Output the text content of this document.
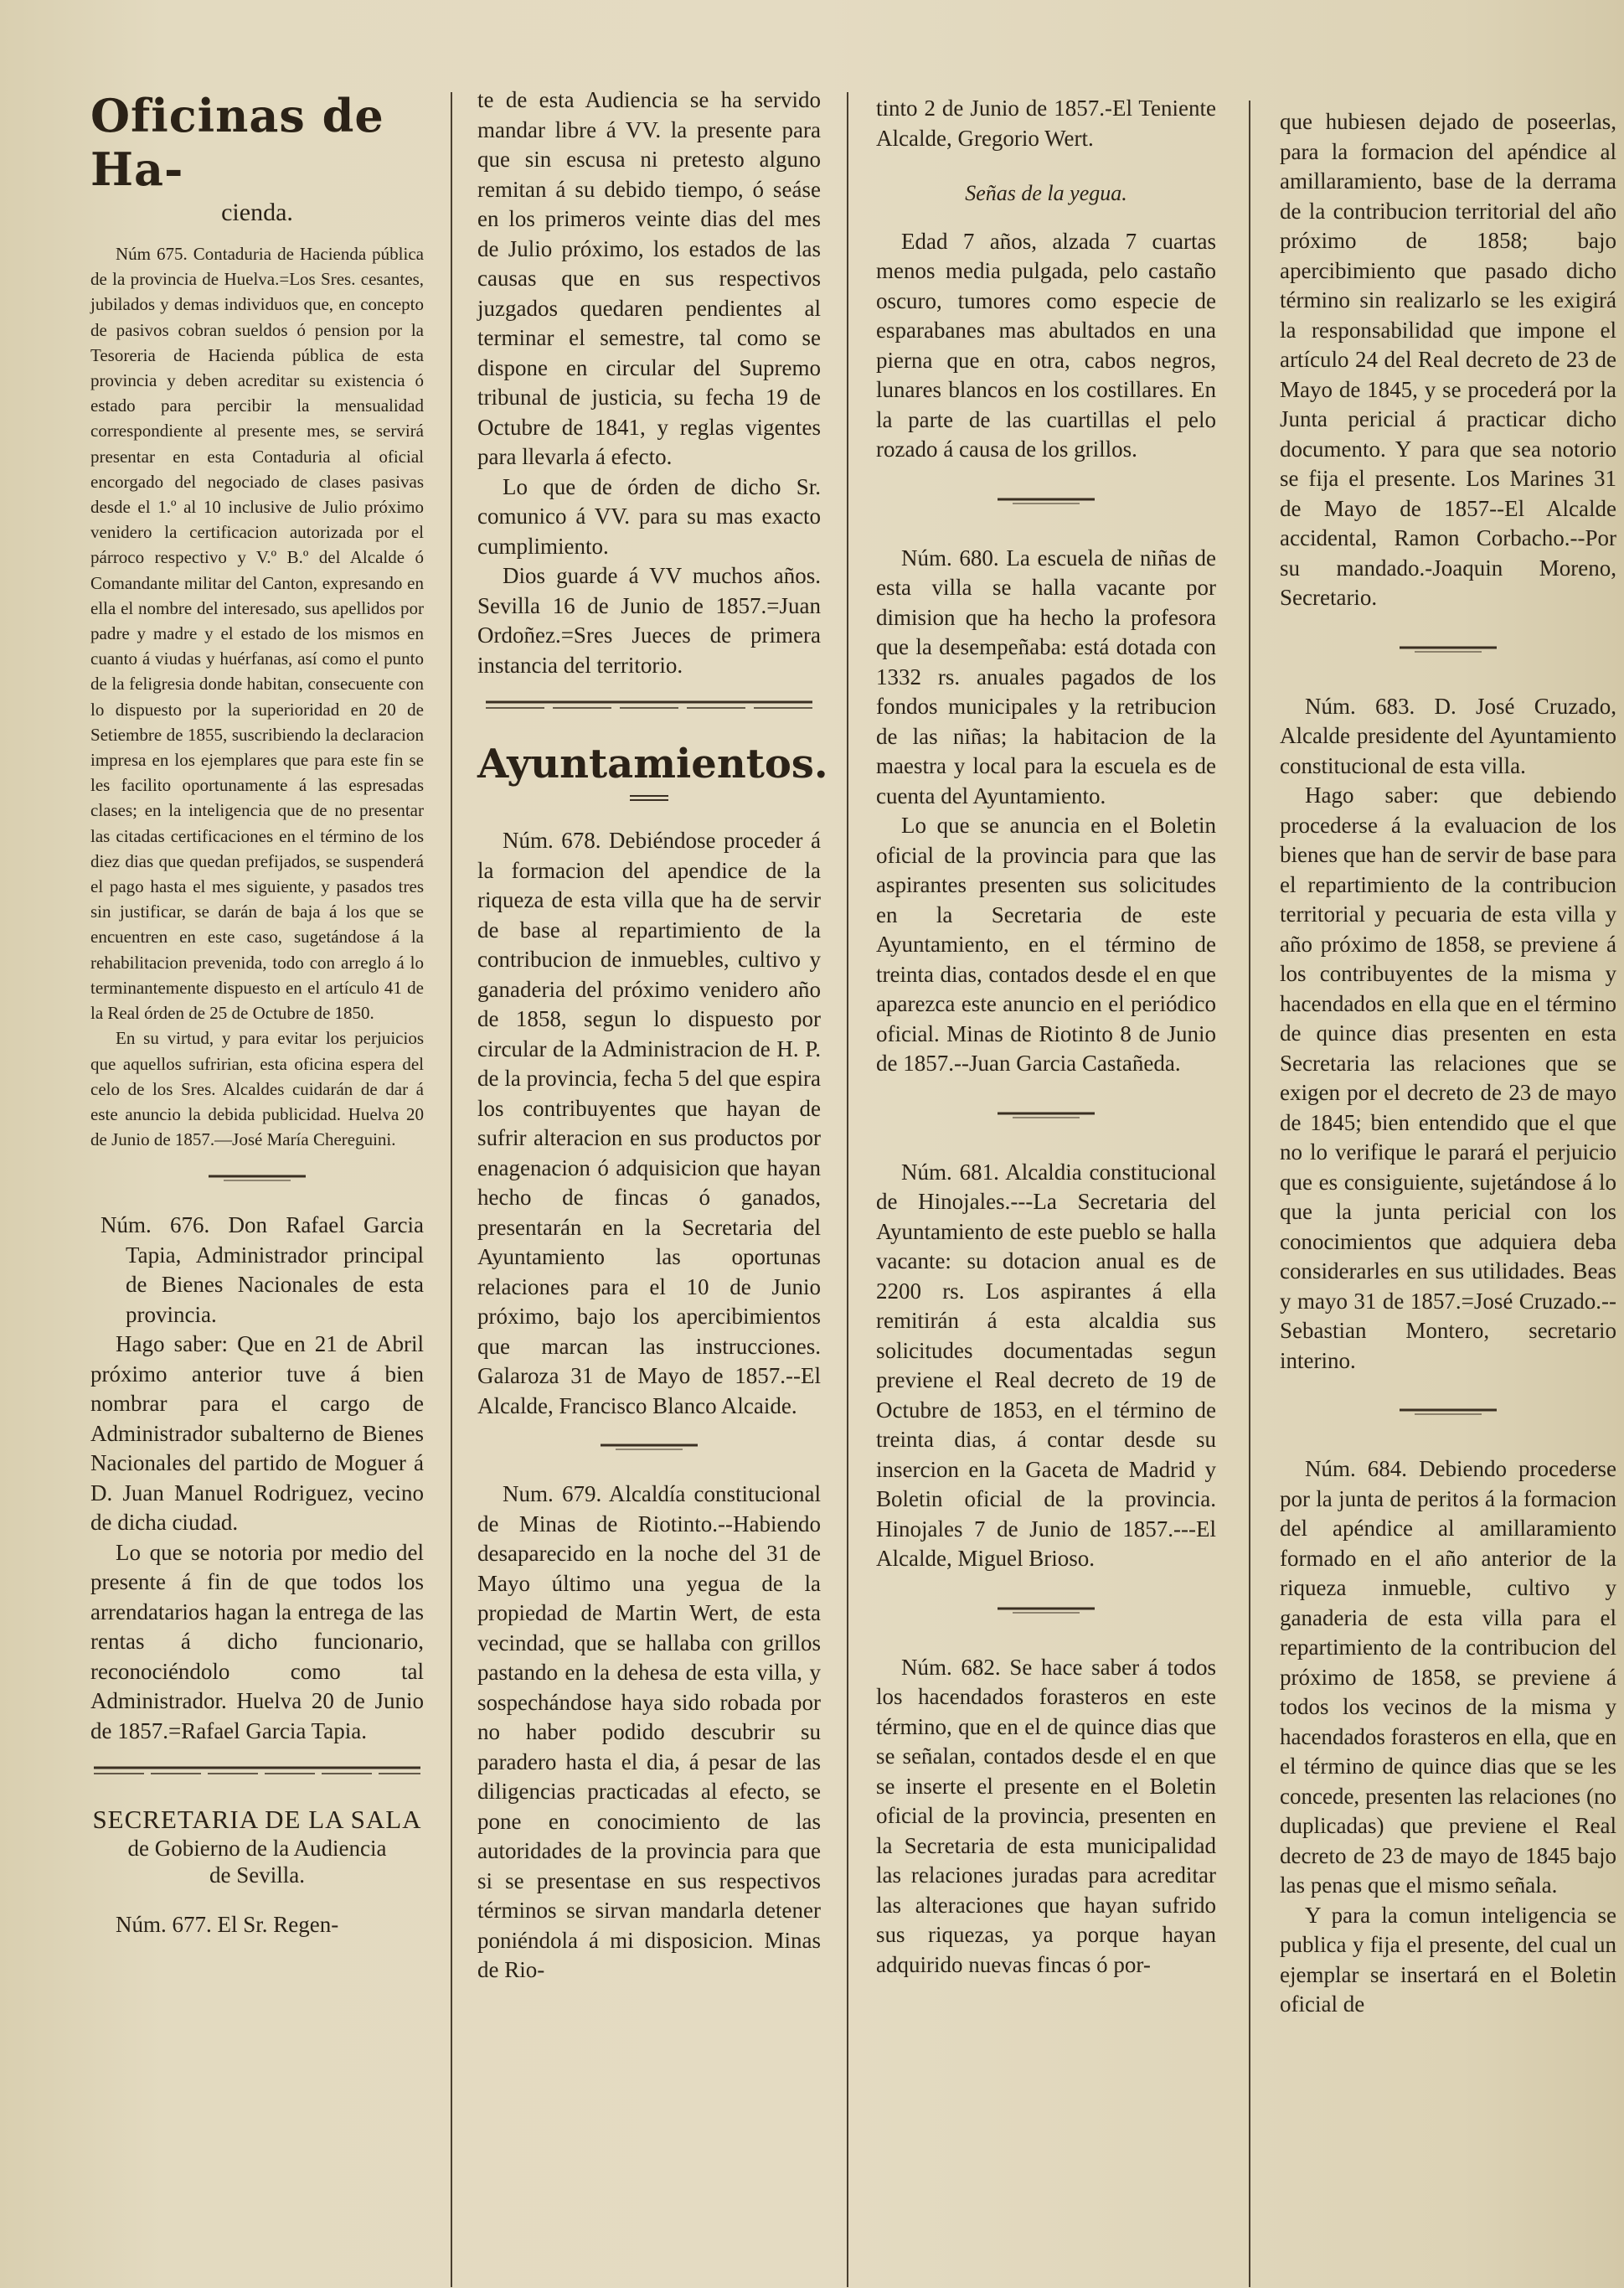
Oficinas de Ha-

cienda.

Núm 675. Contaduria de Hacienda pública de la provincia de Huelva.=Los Sres. cesantes, jubilados y demas individuos que, en concepto de pasivos cobran sueldos ó pension por la Tesoreria de Hacienda pública de esta provincia y deben acreditar su existencia ó estado para percibir la mensualidad correspondiente al presente mes, se servirá presentar en esta Contaduria al oficial encorgado del negociado de clases pasivas desde el 1.º al 10 inclusive de Julio próximo venidero la certificacion autorizada por el párroco respectivo y V.º B.º del Alcalde ó Comandante militar del Canton, expresando en ella el nombre del interesado, sus apellidos por padre y madre y el estado de los mismos en cuanto á viudas y huérfanas, así como el punto de la feligresia donde habitan, consecuente con lo dispuesto por la superioridad en 20 de Setiembre de 1855, suscribiendo la declaracion impresa en los ejemplares que para este fin se les facilito oportunamente á las espresadas clases; en la inteligencia que de no presentar las citadas certificaciones en el término de los diez dias que quedan prefijados, se suspenderá el pago hasta el mes siguiente, y pasados tres sin justificar, se darán de baja á los que se encuentren en este caso, sugetándose á la rehabilitacion prevenida, todo con arreglo á lo terminantemente dispuesto en el artículo 41 de la Real órden de 25 de Octubre de 1850.

En su virtud, y para evitar los perjuicios que aquellos sufririan, esta oficina espera del celo de los Sres. Alcaldes cuidarán de dar á este anuncio la debida publicidad. Huelva 20 de Junio de 1857.—José María Chereguini.

Núm. 676. Don Rafael Garcia Tapia, Administrador principal de Bienes Nacionales de esta provincia.

Hago saber: Que en 21 de Abril próximo anterior tuve á bien nombrar para el cargo de Administrador subalterno de Bienes Nacionales del partido de Moguer á D. Juan Manuel Rodriguez, vecino de dicha ciudad.

Lo que se notoria por medio del presente á fin de que todos los arrendatarios hagan la entrega de las rentas á dicho funcionario, reconociéndolo como tal Administrador. Huelva 20 de Junio de 1857.=Rafael Garcia Tapia.

SECRETARIA DE LA SALA

de Gobierno de la Audiencia de Sevilla.

Núm. 677. El Sr. Regen-

te de esta Audiencia se ha servido mandar libre á VV. la presente para que sin escusa ni pretesto alguno remitan á su debido tiempo, ó seáse en los primeros veinte dias del mes de Julio próximo, los estados de las causas que en sus respectivos juzgados quedaren pendientes al terminar el semestre, tal como se dispone en circular del Supremo tribunal de justicia, su fecha 19 de Octubre de 1841, y reglas vigentes para llevarla á efecto.

Lo que de órden de dicho Sr. comunico á VV. para su mas exacto cumplimiento.

Dios guarde á VV muchos años. Sevilla 16 de Junio de 1857.=Juan Ordoñez.=Sres Jueces de primera instancia del territorio.

Ayuntamientos.

Núm. 678. Debiéndose proceder á la formacion del apendice de la riqueza de esta villa que ha de servir de base al repartimiento de la contribucion de inmuebles, cultivo y ganaderia del próximo venidero año de 1858, segun lo dispuesto por circular de la Administracion de H. P. de la provincia, fecha 5 del que espira los contribuyentes que hayan de sufrir alteracion en sus productos por enagenacion ó adquisicion que hayan hecho de fincas ó ganados, presentarán en la Secretaria del Ayuntamiento las oportunas relaciones para el 10 de Junio próximo, bajo los apercibimientos que marcan las instrucciones. Galaroza 31 de Mayo de 1857.--El Alcalde, Francisco Blanco Alcaide.

Num. 679. Alcaldía constitucional de Minas de Riotinto.--Habiendo desaparecido en la noche del 31 de Mayo último una yegua de la propiedad de Martin Wert, de esta vecindad, que se hallaba con grillos pastando en la dehesa de esta villa, y sospechándose haya sido robada por no haber podido descubrir su paradero hasta el dia, á pesar de las diligencias practicadas al efecto, se pone en conocimiento de las autoridades de la provincia para que si se presentase en sus respectivos términos se sirvan mandarla detener poniéndola á mi disposicion. Minas de Rio-

tinto 2 de Junio de 1857.-El Teniente Alcalde, Gregorio Wert.

Señas de la yegua.

Edad 7 años, alzada 7 cuartas menos media pulgada, pelo castaño oscuro, tumores como especie de esparabanes mas abultados en una pierna que en otra, cabos negros, lunares blancos en los costillares. En la parte de las cuartillas el pelo rozado á causa de los grillos.

Núm. 680. La escuela de niñas de esta villa se halla vacante por dimision que ha hecho la profesora que la desempeñaba: está dotada con 1332 rs. anuales pagados de los fondos municipales y la retribucion de las niñas; la habitacion de la maestra y local para la escuela es de cuenta del Ayuntamiento.

Lo que se anuncia en el Boletin oficial de la provincia para que las aspirantes presenten sus solicitudes en la Secretaria de este Ayuntamiento, en el término de treinta dias, contados desde el en que aparezca este anuncio en el periódico oficial. Minas de Riotinto 8 de Junio de 1857.--Juan Garcia Castañeda.

Núm. 681. Alcaldia constitucional de Hinojales.---La Secretaria del Ayuntamiento de este pueblo se halla vacante: su dotacion anual es de 2200 rs. Los aspirantes á ella remitirán á esta alcaldia sus solicitudes documentadas segun previene el Real decreto de 19 de Octubre de 1853, en el término de treinta dias, á contar desde su insercion en la Gaceta de Madrid y Boletin oficial de la provincia. Hinojales 7 de Junio de 1857.---El Alcalde, Miguel Brioso.

Núm. 682. Se hace saber á todos los hacendados forasteros en este término, que en el de quince dias que se señalan, contados desde el en que se inserte el presente en el Boletin oficial de la provincia, presenten en la Secretaria de esta municipalidad las relaciones juradas para acreditar las alteraciones que hayan sufrido sus riquezas, ya porque hayan adquirido nuevas fincas ó por-

que hubiesen dejado de poseerlas, para la formacion del apéndice al amillaramiento, base de la derrama de la contribucion territorial del año próximo de 1858; bajo apercibimiento que pasado dicho término sin realizarlo se les exigirá la responsabilidad que impone el artículo 24 del Real decreto de 23 de Mayo de 1845, y se procederá por la Junta pericial á practicar dicho documento. Y para que sea notorio se fija el presente. Los Marines 31 de Mayo de 1857--El Alcalde accidental, Ramon Corbacho.--Por su mandado.-Joaquin Moreno, Secretario.

Núm. 683. D. José Cruzado, Alcalde presidente del Ayuntamiento constitucional de esta villa.

Hago saber: que debiendo procederse á la evaluacion de los bienes que han de servir de base para el repartimiento de la contribucion territorial y pecuaria de esta villa y año próximo de 1858, se previene á los contribuyentes de la misma y hacendados en ella que en el término de quince dias presenten en esta Secretaria las relaciones que se exigen por el decreto de 23 de mayo de 1845; bien entendido que el que no lo verifique le parará el perjuicio que es consiguiente, sujetándose á lo que la junta pericial con los conocimientos que adquiera deba considerarles en sus utilidades. Beas y mayo 31 de 1857.=José Cruzado.--Sebastian Montero, secretario interino.

Núm. 684. Debiendo procederse por la junta de peritos á la formacion del apéndice al amillaramiento formado en el año anterior de la riqueza inmueble, cultivo y ganaderia de esta villa para el repartimiento de la contribucion del próximo de 1858, se previene á todos los vecinos de la misma y hacendados forasteros en ella, que en el término de quince dias que se les concede, presenten las relaciones (no duplicadas) que previene el Real decreto de 23 de mayo de 1845 bajo las penas que el mismo señala.

Y para la comun inteligencia se publica y fija el presente, del cual un ejemplar se insertará en el Boletin oficial de
